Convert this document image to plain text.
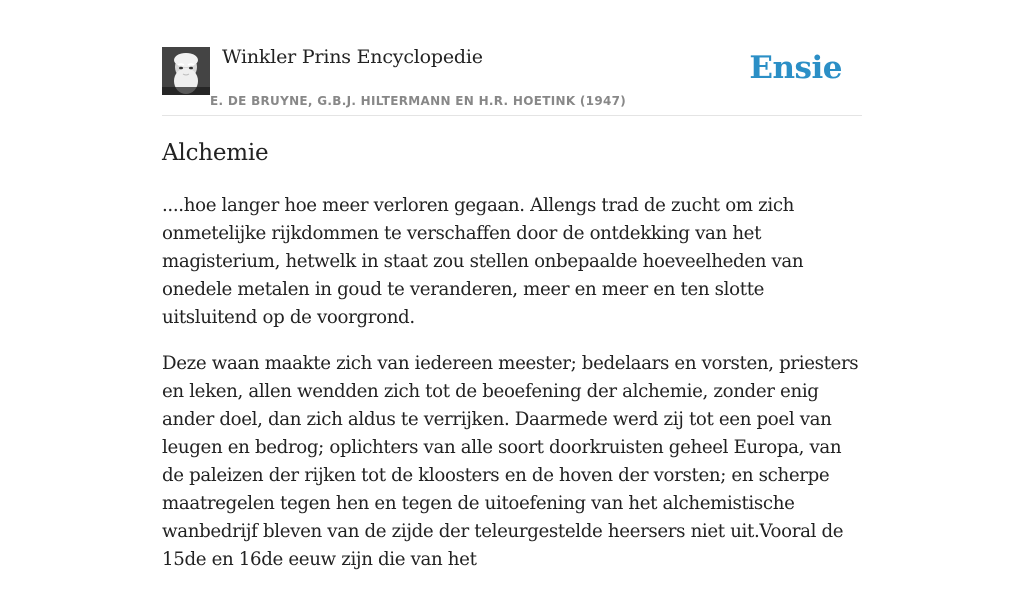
Winkler Prins Encyclopedie
E. DE BRUYNE, G.B.J. HILTERMANN EN H.R. HOETINK (1947)
Ensie
Alchemie

....hoe langer hoe meer verloren gegaan. Allengs trad de zucht om zich onmetelijke rijkdommen te verschaffen door de ontdekking van het magisterium, hetwelk in staat zou stellen onbepaalde hoeveelheden van onedele metalen in goud te veranderen, meer en meer en ten slotte uitsluitend op de voorgrond.

Deze waan maakte zich van iedereen meester; bedelaars en vorsten, priesters en leken, allen wendden zich tot de beoefening der alchemie, zonder enig ander doel, dan zich aldus te verrijken. Daarmede werd zij tot een poel van leugen en bedrog; oplichters van alle soort doorkruisten geheel Europa, van de paleizen der rijken tot de kloosters en de hoven der vorsten; en scherpe maatregelen tegen hen en tegen de uitoefening van het alchemistische wanbedrijf bleven van de zijde der teleurgestelde heersers niet uit.Vooral de 15de en 16de eeuw zijn die van het
